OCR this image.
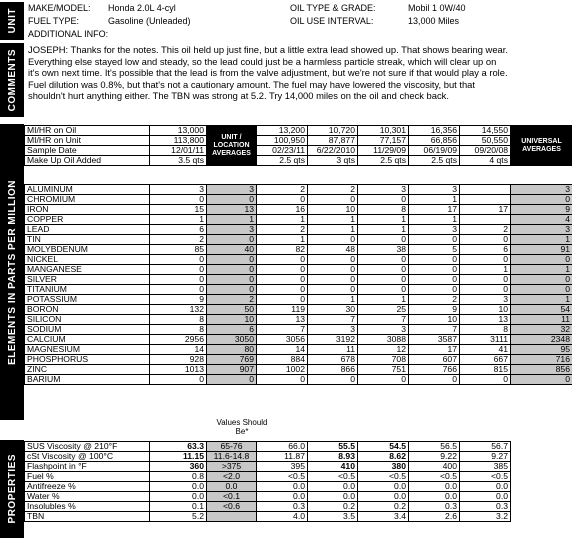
UNIT
COMMENTS
ELEMENTS IN PARTS PER MILLION
PROPERTIES
MAKE/MODEL: Honda 2.0L 4-cyl
FUEL TYPE:	Gasoline (Unleaded)
ADDITIONAL INFO:
OIL TYPE & GRADE:	Mobil 1 0W/40
OIL USE INTERVAL:	13,000 Miles
JOSEPH: Thanks for the notes. This oil held up just fine, but a little extra lead showed up. That shows bearing wear. Everything else stayed low and steady, so the lead could just be a harmless particle streak, which will clear up on it's own next time. It's possible that the lead is from the valve adjustment, but we're not sure if that would play a role. Fuel dilution was 0.8%, but that's not a cautionary amount. The fuel may have lowered the viscosity, but that shouldn't hurt anything either. The TBN was strong at 5.2. Try 14,000 miles on the oil and check back.
MI/HR on Oil	13,000	UNIT / LOCATION AVERAGES	13,200	10,720	10,301	16,356	14,550	UNIVERSAL AVERAGES
MI/HR on Unit	113,800		100,950	87,877	77,157	66,856	50,550	
Sample Date	12/01/11		02/23/11	6/22/2010	11/29/09	06/19/09	09/20/08	
Make Up Oil Added	3.5 qts		2.5 qts	3 qts	2.5 qts	2.5 qts	4 qts	
ALUMINUM	3	3	2	2	3	3		3
CHROMIUM	0	0	0	0	0	1		0
IRON	15	13	16	10	8	17	17	9
COPPER	1	1	1	1	1	1		4
LEAD	6	3	2	1	1	3	2	3
TIN	2	0	1	0	0	0	0	1
MOLYBDENUM	85	40	82	48	38	5	6	91
NICKEL	0	0	0	0	0	0	0	0
MANGANESE	0	0	0	0	0	0	1	1
SILVER	0	0	0	0	0	0	0	0
TITANIUM	0	0	0	0	0	0	0	0
POTASSIUM	9	2	0	1	1	2	3	1
BORON	132	50	119	30	25	9	10	54
SILICON	8	10	13	7	7	10	13	11
SODIUM	8	6	7	3	3	7	8	32
CALCIUM	2956	3050	3056	3192	3088	3587	3111	2348
MAGNESIUM	14	80	14	11	12	17	41	95
PHOSPHORUS	928	769	884	678	708	607	667	716
ZINC	1013	907	1002	866	751	766	815	856
BARIUM	0	0	0	0	0	0	0	0
Values Should Be*
SUS Viscosity @ 210°F	63.3	65-76	66.0	55.5	54.5	56.5	56.7	
cSt Viscosity @ 100°C	11.15	11.6-14.8	11.87	8.93	8.62	9.22	9.27	
Flashpoint in °F	360	>375	395	410	380	400	385	
Fuel %	0.8	<2.0	<0.5	<0.5	<0.5	<0.5	<0.5	
Antifreeze %	0.0	0.0	0.0	0.0	0.0	0.0	0.0	
Water %	0.0	<0.1	0.0	0.0	0.0	0.0	0.0	
Insolubles %	0.1	<0.6	0.3	0.2	0.2	0.3	0.3	
TBN	5.2		4.0	3.5	3.4	2.6	3.2	
